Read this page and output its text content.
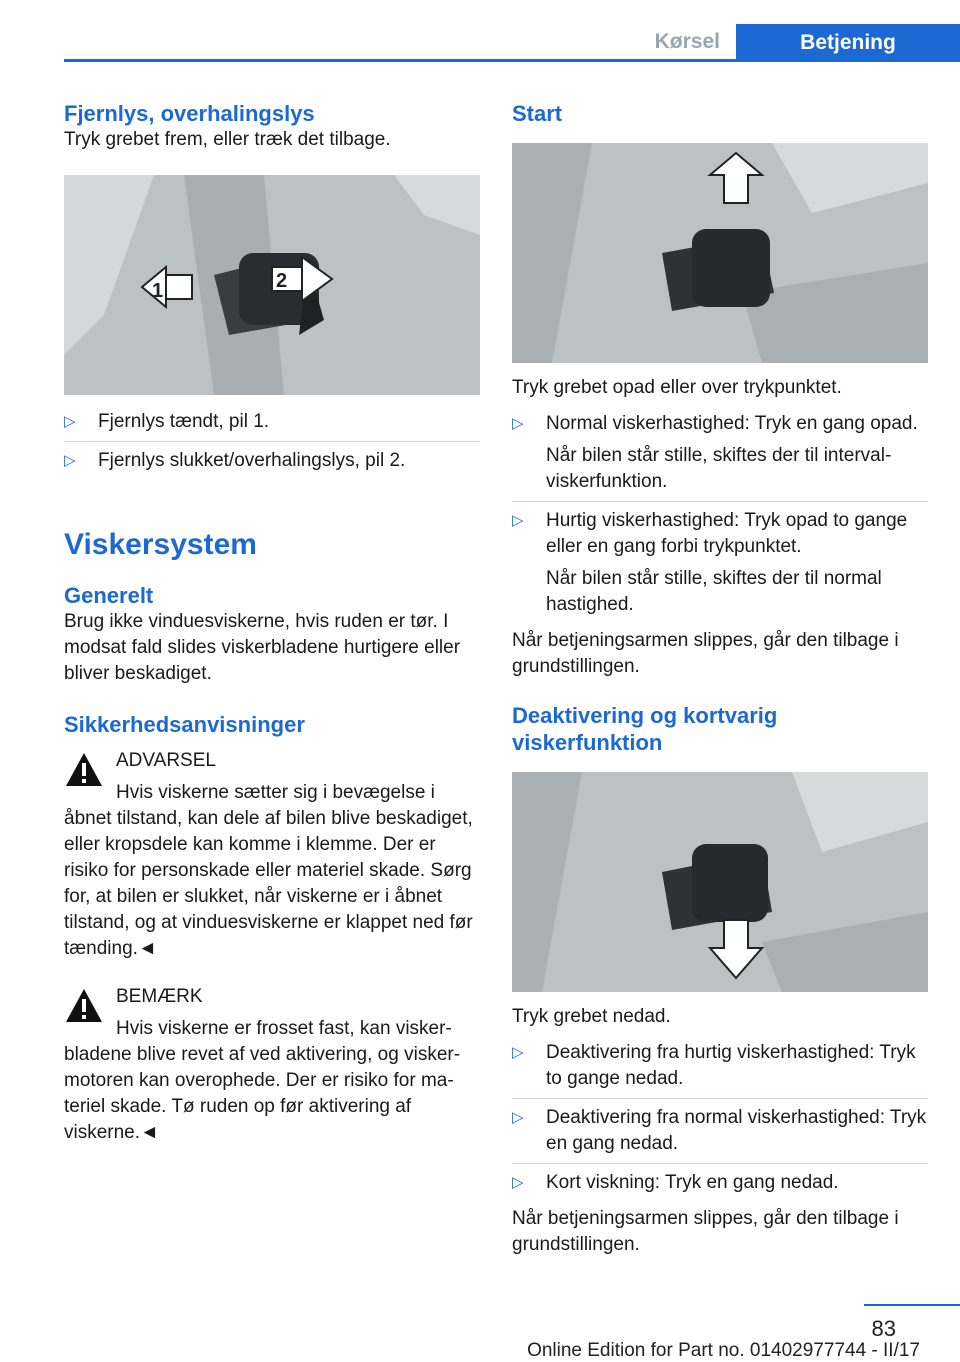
Kørsel	Betjening
Fjernlys, overhalingslys

Tryk grebet frem, eller træk det tilbage.

1	2
▷ Fjernlys tændt, pil 1.
▷ Fjernlys slukket/overhalingslys, pil 2.
Viskersystem
Generelt

Brug ikke vinduesviskerne, hvis ruden er tør. I modsat fald slides viskerbladene hurtigere eller bliver beskadiget.

Sikkerhedsanvisninger

ADVARSEL

Hvis viskerne sætter sig i bevægelse i åbnet tilstand, kan dele af bilen blive beskadiget, eller kropsdele kan komme i klemme. Der er risiko for personskade eller materiel skade. Sørg for, at bilen er slukket, når viskerne er i åbnet tilstand, og at vinduesviskerne er klappet ned før tænding.◄

BEMÆRK

Hvis viskerne er frosset fast, kan viskerbladene blive revet af ved aktivering, og viskermotoren kan overophede. Der er risiko for materiel skade. Tø ruden op før aktivering af viskerne.◄

Start

Tryk grebet opad eller over trykpunktet.

▷ Normal viskerhastighed: Tryk en gang opad.
Når bilen står stille, skiftes der til intervalviskerfunktion.
▷ Hurtig viskerhastighed: Tryk opad to gange eller en gang forbi trykpunktet.
Når bilen står stille, skiftes der til normal hastighed.

Når betjeningsarmen slippes, går den tilbage i grundstillingen.

Deaktivering og kortvarig viskerfunktion

Tryk grebet nedad.

▷ Deaktivering fra hurtig viskerhastighed: Tryk to gange nedad.
▷ Deaktivering fra normal viskerhastighed: Tryk en gang nedad.
▷ Kort viskning: Tryk en gang nedad.

Når betjeningsarmen slippes, går den tilbage i grundstillingen.

83
Online Edition for Part no. 01402977744 - II/17
